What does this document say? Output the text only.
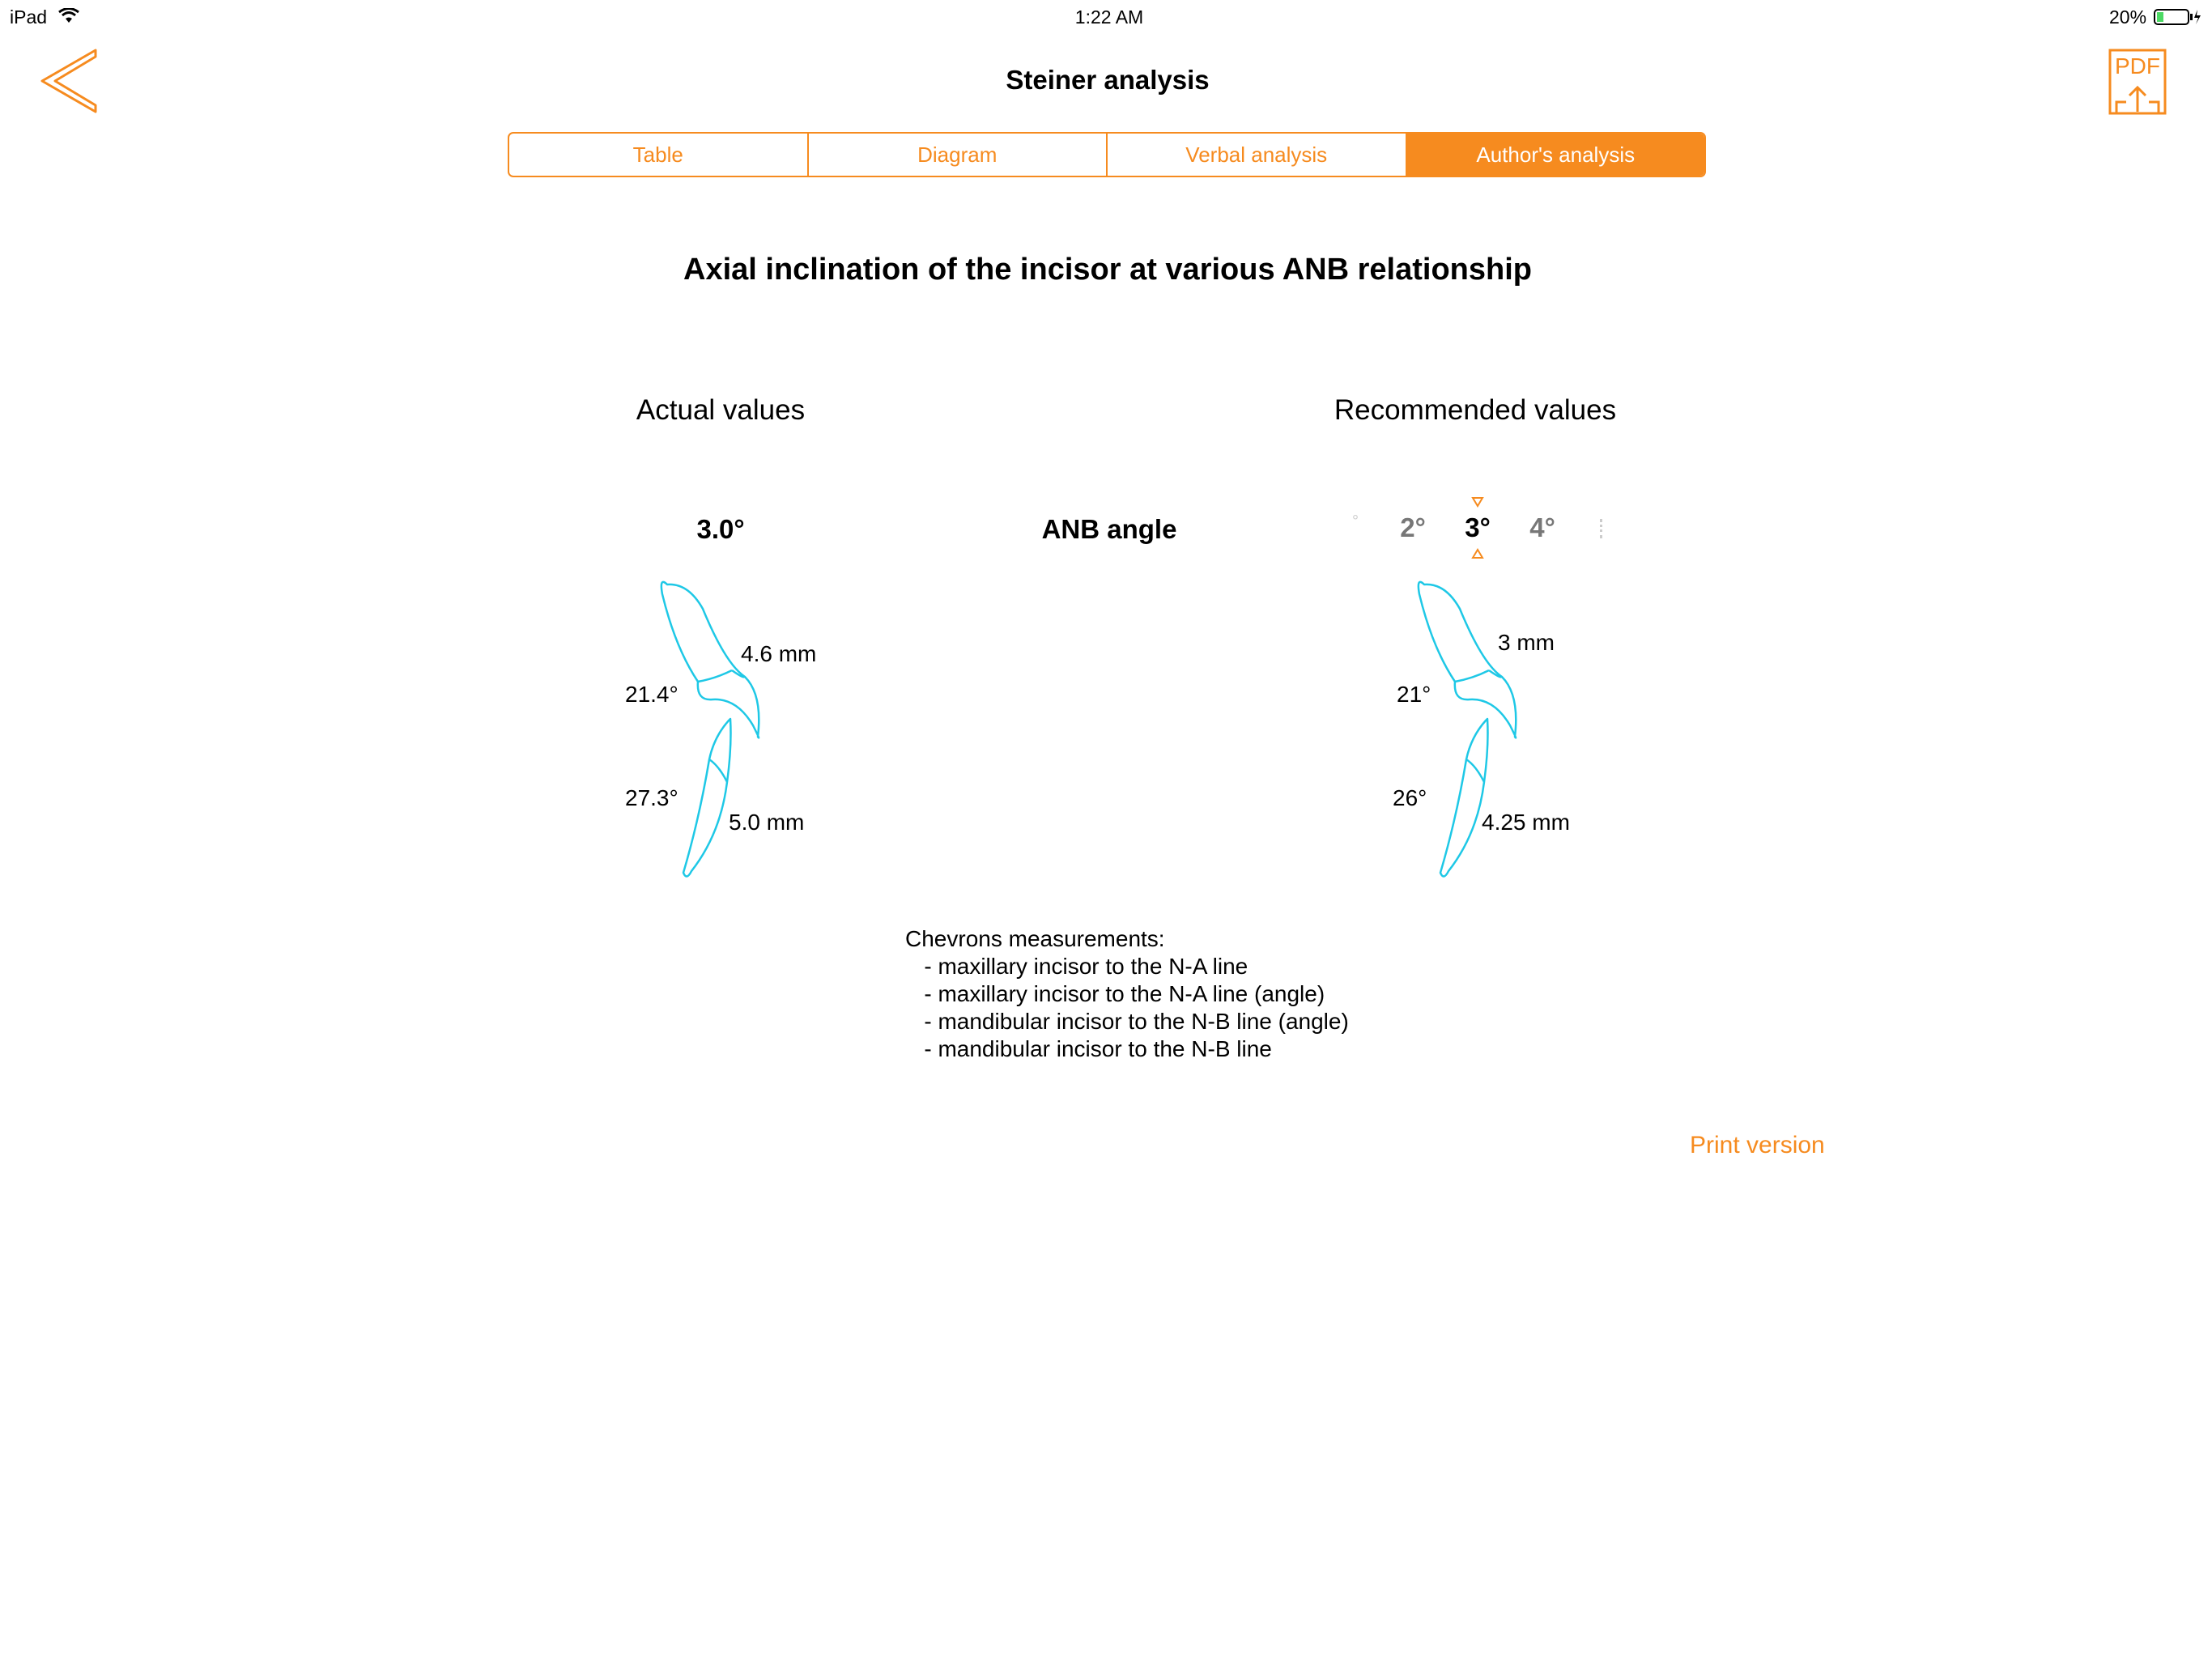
iPad	1:22 AM	20%
Steiner analysis	PDF
Table	Diagram	Verbal analysis	Author's analysis
Axial inclination of the incisor at various ANB relationship
Actual values	Recommended values
3.0°	ANB angle	° 2° 3° 4°
4.6 mm
21.4°
27.3°
5.0 mm
3 mm
21°
26°
4.25 mm
Chevrons measurements:
- maxillary incisor to the N-A line
- maxillary incisor to the N-A line (angle)
- mandibular incisor to the N-B line (angle)
- mandibular incisor to the N-B line
Print version
